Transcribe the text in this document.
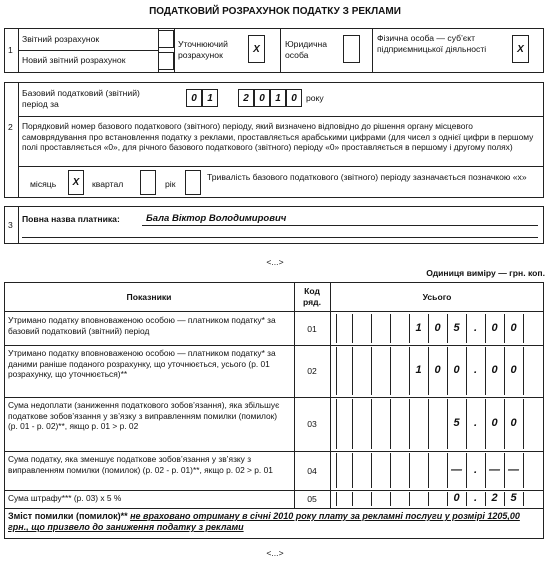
ПОДАТКОВИЙ РОЗРАХУНОК ПОДАТКУ З РЕКЛАМИ
1
Звітний розрахунок
Новий звітний розрахунок
Уточнюючий розрахунок
X	Юридична особа
Фізична особа — суб’єкт підприємницької діяльності	X
2
Базовий податковий (звітний) період за
0	1	2	0	1	0	року
Порядковий номер базового податкового (звітного) періоду, який визначено відповідно до рішення органу місцевого самоврядування про встановлення податку з реклами, проставляється арабськими цифрами (для чисел з однієї цифри в першому полі проставляється «0», для річного базового податкового (звітного) періоду «0» проставляється в першому і другому полях)
місяць	X	квартал	рік
Тривалість базового податкового (звітного) періоду зазначається позначкою «х»
3
Повна назва платника:	Бала Віктор Володимирович
<...>
Одиниця виміру — грн. коп.
Показники
Код ряд.	Усього
Утримано податку вповноваженою особою — платником податку* за базовий податковий (звітний) період	01	1	0	5	.	0	0
Утримано податку вповноваженою особою — платником податку* за даними раніше поданого розрахунку, що уточнюється, усього (р. 01 розрахунку, що уточнюється)**	02	1	0	0	.	0	0
Сума недоплати (заниження податкового зобов’язання), яка збільшує податкове зобов’язання у зв’язку з виправленням помилки (помилок) (р. 01 - р. 02)**, якщо р. 01 > р. 02	03	5	.	0	0
Сума податку, яка зменшує податкове зобов’язання у зв’язку з виправленням помилки (помилок) (р. 02 - р. 01)**, якщо р. 02 > р. 01	04	—	.	— —
Сума штрафу*** (р. 03) х 5 %	05	0	.	2	5
Зміст помилки (помилок)** не враховано отриману в січні 2010 року плату за рекламні послуги у розмірі 1205,00 грн., що призвело до заниження податку з реклами
<...>
